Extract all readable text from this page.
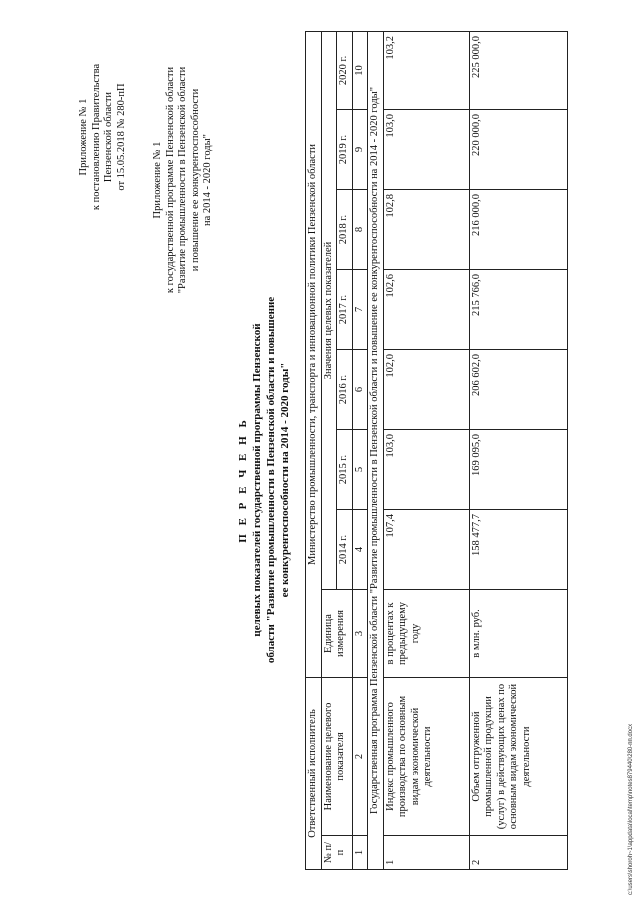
Приложение № 1 к постановлению Правительства Пензенской области от 15.05.2018 № 280-пП Приложение № 1 к государственной программе Пензенской области "Развитие промышленности в Пензенской области и повышение ее конкурентоспособности на 2014 - 2020 годы"
П Е Р Е Ч Е Н Ь целевых показателей государственной программы Пензенской области "Развитие промышленности в Пензенской области и повышение ее конкурентоспособности на 2014 - 2020 годы"
Ответственный исполнитель		Министерство промышленности, транспорта и инновационной политики Пензенской области							
№ п/п	Наименование целевого показателя	Единица измерения	Значения целевых показателей						
			2014 г.	2015 г.	2016 г.	2017 г.	2018 г.	2019 г.	2020 г.
1	2	3	4	5	6	7	8	9	10
Государственная программа Пензенской области "Развитие промышленности в Пензенской области и повышение ее конкурентоспособности на 2014 - 2020 годы"									
1	Индекс промышленного производства по основным видам экономической деятельности	в процентах к предыдущему году	107,4	103,0	102,0	102,6	102,8	103,0	103,2
2	Объем отгруженной промышленной продукции (услуг) в действующих ценах по основным видам экономической деятельности	в млн. руб.	158 477,7	169 095,0	206 602,0	215 766,0	216 000,0	220 000,0	225 000,0
c:\users\shoroh~1\appdata\local\temp\notes879440\280-пп.docx
